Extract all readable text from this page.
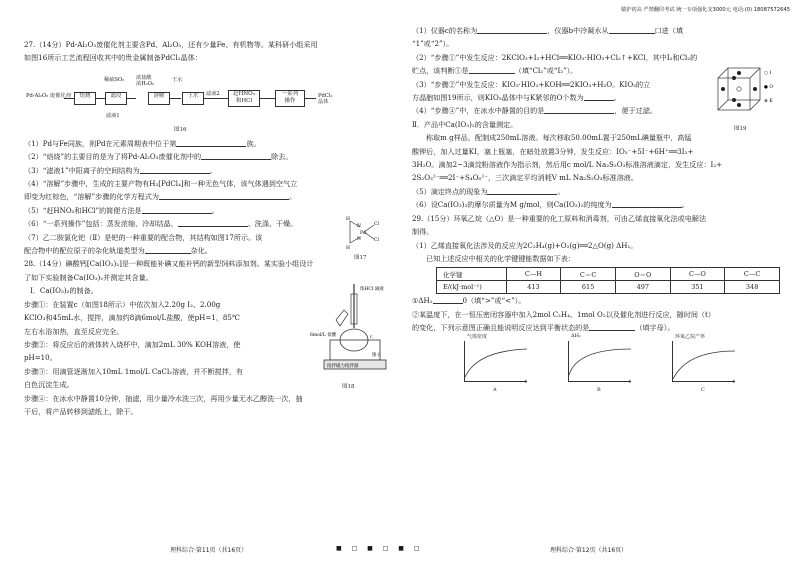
27.（14分）Pd-Al₂O₃废催化剂主要含Pd、Al₂O₃，还有少量Fe、有机物等。某科研小组采用

如图16所示工艺流程回收其中的贵金属制备PdCl₂晶体：

Pd-Al₂O₃ 废催化剂	焙烧
稀硫SO₂
滤浸
滤液1
浓盐酸
浓H₂O₂
溶解
王水
王水	滤液2	赶HNO₃
和HCl
一系列
操作
PdCl₂
晶体
图16

（1）Pd与Fe同族，则Pd在元素周期表中位于第	族。

（2）“焙烧”的主要目的是为了将Pd-Al₂O₃废催化剂中的	除去。

（3）“滤液1”中阳离子的空间结构为	。

（4）“溶解”步骤中，生成的主要产物有H₂[PdCl₄]和一种无色气体，该气体遇到空气立

即变为红棕色，“溶解”步骤的化学方程式为	。

（5）“赶HNO₃和HCl”的简便方法是	。

（6）“一系列操作”包括：蒸发浓缩、冷却结晶、	、洗涤、干燥。

（7）乙二胺氯化钯（Ⅱ）是钯的一种重要的配合物，其结构如图17所示。该

配合物中的配位原子的杂化轨道类型为	杂化。

H
N
Pd
Cl
Cl
N
H
图17

28.（14分）碘酸钙[Ca(IO₃)₂]是一种既能补碘又能补钙的新型饲料添加剂。某实验小组设计

了如下实验制备Ca(IO₃)₂并测定其含量。

Ⅰ．Ca(IO₃)₂的制备。

步骤①：在装置c（如图18所示）中依次加入2.20g I₂、2.00g

KClO₃和45mL水，搅拌，滴加约8滴6mol/L盐酸，使pH=1，85℃

左右水浴加热，直至反应完全。

步骤②：将反应后的液体转入烧杯中，滴加2mL 30% KOH溶液，使

pH=10。

步骤③：用滴管逐渐加入10mL 1mol/L CaCl₂溶液，并不断搅拌，有

白色沉淀生成。

浓HCl 滴液
6mol/L 盐酸	c
锥子
搅拌磁力搅拌器
图18

步骤④：在冰水中静置10分钟，抽滤，用少量冷水洗三次，再用少量无水乙醇洗一次，抽

干后，将产品转移到滤纸上，除干。

理科综合·第11页（共16页）
赣护初高 严禁翻印考试 统一专项强化支3000元 电话:(0) 18087572645

（1）仪器c的名称为	，仪器b中冷凝水从	口进（填

“1”或“2”）。

（2）“步骤①”中发生反应：2KClO₃+I₂+HCl══KIO₃·HIO₃+Cl₂↑+KCl，其中I₂和Cl₂的

贮点，该判断①是	（填“Cl₂”或“I₂”）。

（3）“步骤②”中发生反应：KIO₃·HIO₃+KOH══2KIO₃+H₂O。KIO₃的立

方晶胞如图19所示，则KIO₃晶体中与K紧邻的O个数为	。

（4）“步骤④”中，在冰水中静置的目的是	，便于过滤。

Ⅱ．产品中Ca(IO₃)₂的含量测定。

○ I
● O
⊗ K
图19

称取m g样品，配制成250mL溶液。每次移取50.00mL置于250mL碘量瓶中，高锰

酸钾后，加入过量KI，塞上瓶塞，在暗处放置3分钟，发生反应：IO₃⁻+5I⁻+6H⁺══3I₂+

3H₂O。滴加2~3滴淀粉溶液作为指示剂，然后用c mol/L Na₂S₂O₃标准溶液滴定，发生反应：I₂+

2S₂O₃²⁻══2I⁻+S₄O₆²⁻，三次滴定平均消耗V mL Na₂S₂O₃标准溶液。

（5）滴定终点的现象为	。

（6）设Ca(IO₃)₂的摩尔质量为M g/mol，则Ca(IO₃)₂的纯度为	。

29.（15分）环氧乙烷（△O）是一种重要的化工原料和消毒剂，可由乙烯直接氧化法或电解法

制得。

（1）乙烯直接氧化法涉及的反应为2C₂H₄(g)+O₂(g)══2△O(g) ΔH₁。

已知上述反应中相关的化学键键能数据如下表：

化学键	C—H	C＝C	O＝O	C—O	C—C
E/(kJ·mol⁻¹)	413	615	497	351	348

①ΔH₁	0（填“>”或“<”）。

②某温度下，在一恒压密闭容器中加入2mol C₂H₄、1mol O₂以及催化剂进行反应，随时间（t）

的变化，下列示意图正确且能说明反应达到平衡状态的是	（填字母）。

气体密度
t
A
ΔH₁
t
B
环氧乙烷产率
t
C
理科综合·第12页（共16页）
■ □ ■ □ ■ □
